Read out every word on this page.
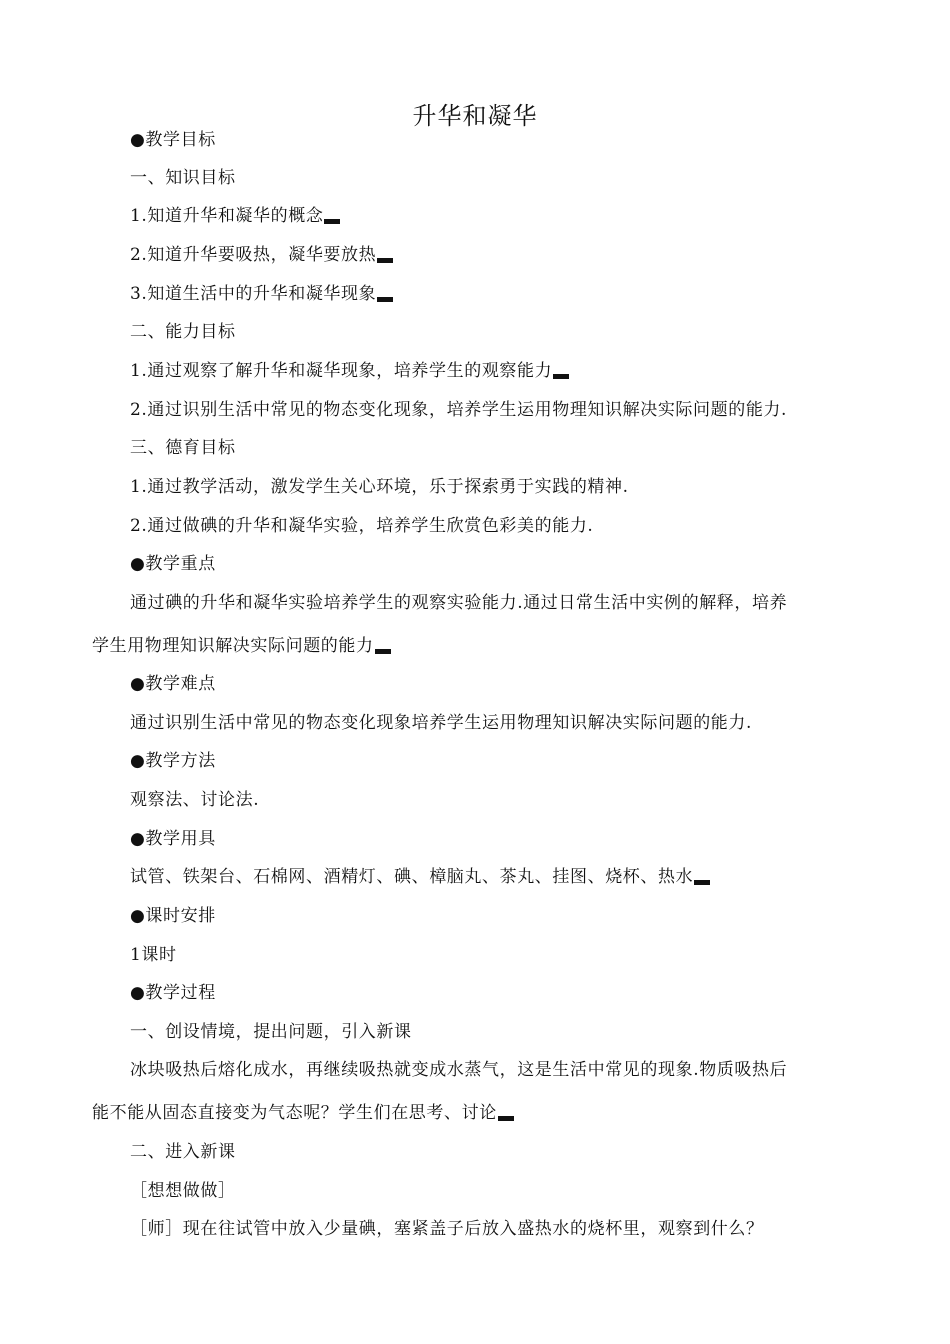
升华和凝华
●教学目标
一、知识目标
1.知道升华和凝华的概念
2.知道升华要吸热，凝华要放热
3.知道生活中的升华和凝华现象
二、能力目标
1.通过观察了解升华和凝华现象，培养学生的观察能力
2.通过识别生活中常见的物态变化现象，培养学生运用物理知识解决实际问题的能力.
三、德育目标
1.通过教学活动，激发学生关心环境，乐于探索勇于实践的精神.
2.通过做碘的升华和凝华实验，培养学生欣赏色彩美的能力.
●教学重点
通过碘的升华和凝华实验培养学生的观察实验能力.通过日常生活中实例的解释，培养
学生用物理知识解决实际问题的能力
●教学难点
通过识别生活中常见的物态变化现象培养学生运用物理知识解决实际问题的能力.
●教学方法
观察法、讨论法.
●教学用具
试管、铁架台、石棉网、酒精灯、碘、樟脑丸、茶丸、挂图、烧杯、热水
●课时安排
1课时
●教学过程
一、创设情境，提出问题，引入新课
冰块吸热后熔化成水，再继续吸热就变成水蒸气，这是生活中常见的现象.物质吸热后
能不能从固态直接变为气态呢？学生们在思考、讨论
二、进入新课
［想想做做］
［师］现在往试管中放入少量碘，塞紧盖子后放入盛热水的烧杯里，观察到什么？
